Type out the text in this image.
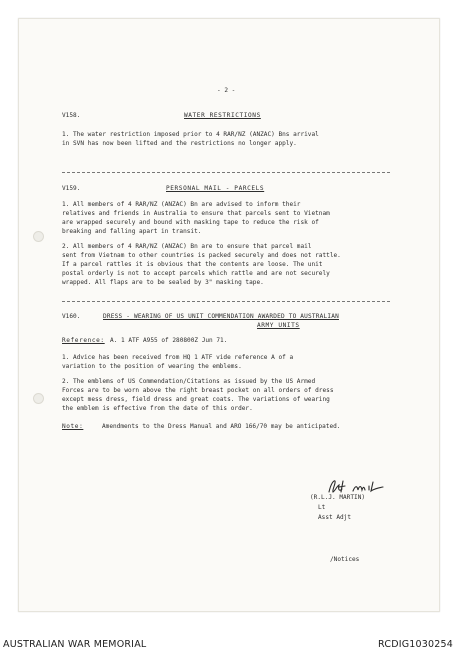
- 2 -
V158.	WATER RESTRICTIONS
1. The water restriction imposed prior to 4 RAR/NZ (ANZAC) Bns arrival
in SVN has now been lifted and the restrictions no longer apply.
V159.	PERSONAL MAIL - PARCELS
1. All members of 4 RAR/NZ (ANZAC) Bn are advised to inform their
relatives and friends in Australia to ensure that parcels sent to Vietnam
are wrapped securely and bound with masking tape to reduce the risk of
breaking and falling apart in transit.
2. All members of 4 RAR/NZ (ANZAC) Bn are to ensure that parcel mail
sent from Vietnam to other countries is packed securely and does not rattle.
If a parcel rattles it is obvious that the contents are loose. The unit
postal orderly is not to accept parcels which rattle and are not securely
wrapped. All flaps are to be sealed by 3" masking tape.
V160.	DRESS - WEARING OF US UNIT COMMENDATION AWARDED TO AUSTRALIAN
ARMY UNITS
Reference: A. 1 ATF A955 of 280800Z Jun 71.
1. Advice has been received from HQ 1 ATF vide reference A of a
variation to the position of wearing the emblems.
2. The emblems of US Commendation/Citations as issued by the US Armed
Forces are to be worn above the right breast pocket on all orders of dress
except mess dress, field dress and great coats. The variations of wearing
the emblem is effective from the date of this order.
Note:	Amendments to the Dress Manual and ARO 166/70 may be anticipated.
(R.L.J. MARTIN)
Lt
Asst Adjt
/Notices
AUSTRALIAN WAR MEMORIAL	RCDIG1030254
